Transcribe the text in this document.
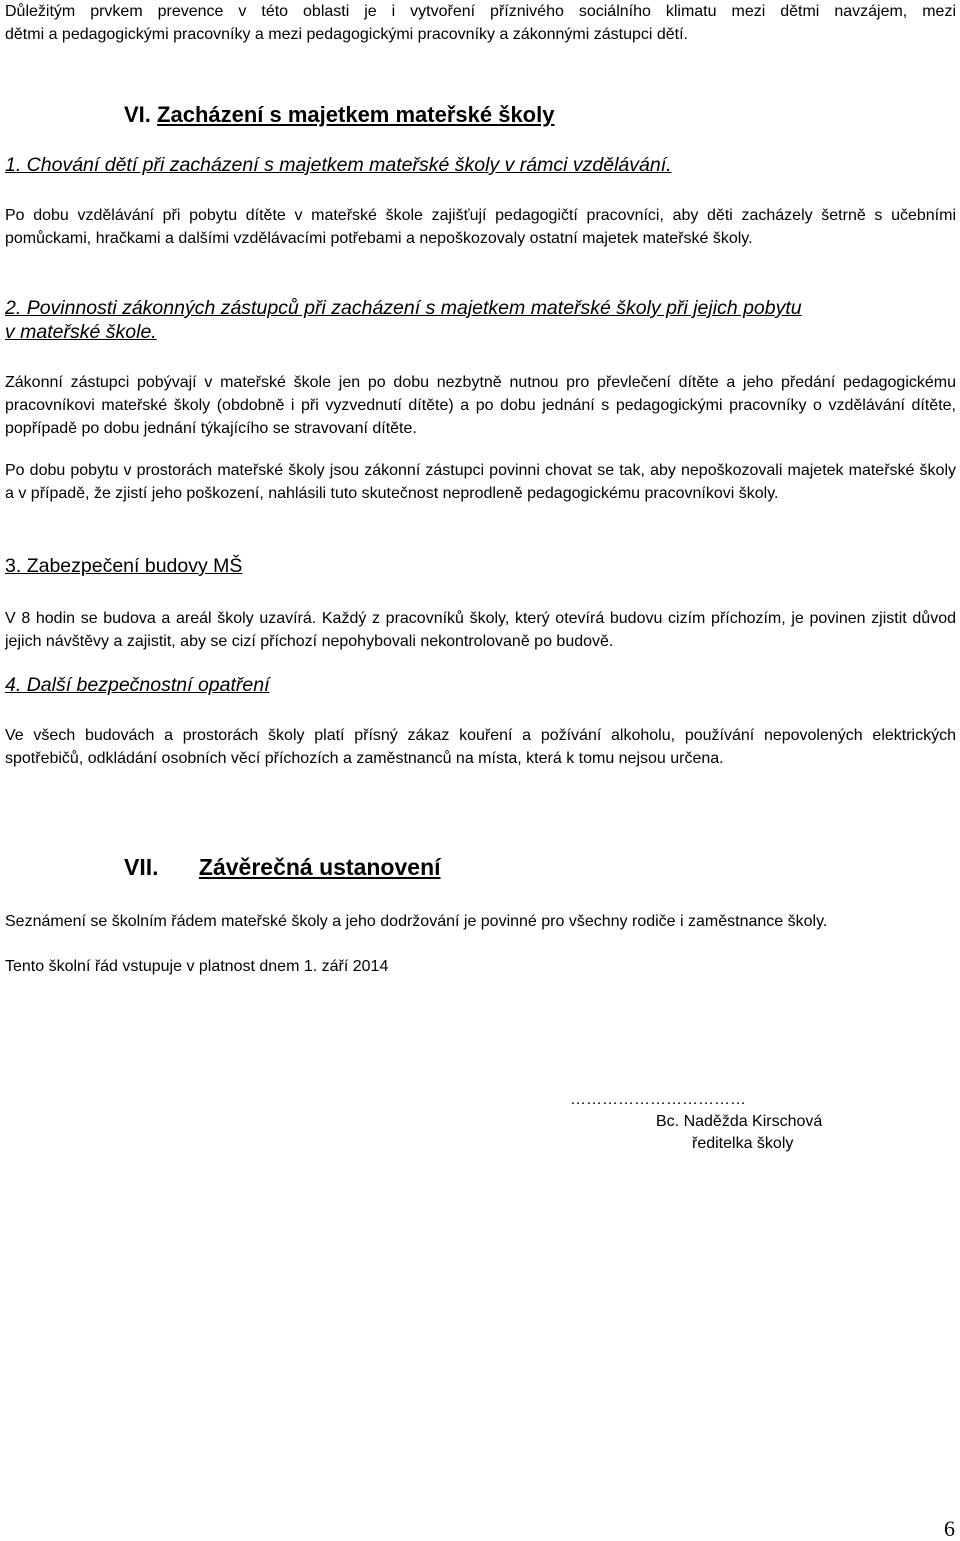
Důležitým prvkem prevence v této oblasti je i vytvoření příznivého sociálního klimatu mezi dětmi navzájem, mezi
dětmi a pedagogickými pracovníky a mezi pedagogickými pracovníky a zákonnými zástupci dětí.

VI. Zacházení s majetkem mateřské školy

1. Chování dětí při zacházení s majetkem mateřské školy v rámci vzdělávání.

Po dobu vzdělávání při pobytu dítěte v mateřské škole zajišťují pedagogičtí pracovníci, aby děti zacházely šetrně s učebními pomůckami, hračkami a dalšími vzdělávacími potřebami a nepoškozovaly ostatní majetek mateřské školy.

2. Povinnosti zákonných zástupců při zacházení s majetkem mateřské školy při jejich pobytu
v mateřské škole.

Zákonní zástupci pobývají v mateřské škole jen po dobu nezbytně nutnou pro převlečení dítěte a jeho předání pedagogickému pracovníkovi mateřské školy (obdobně i při vyzvednutí dítěte) a po dobu jednání s pedagogickými pracovníky o vzdělávání dítěte, popřípadě po dobu jednání týkajícího se stravovaní dítěte.

Po dobu pobytu v prostorách mateřské školy jsou zákonní zástupci povinni chovat se tak, aby nepoškozovali majetek mateřské školy a v případě, že zjistí jeho poškození, nahlásili tuto skutečnost neprodleně pedagogickému pracovníkovi školy.

3. Zabezpečení budovy MŠ

V 8 hodin se budova a areál školy uzavírá. Každý z pracovníků školy, který otevírá budovu cizím příchozím, je povinen zjistit důvod jejich návštěvy a zajistit, aby se cizí příchozí nepohybovali nekontrolovaně po budově.

4. Další bezpečnostní opatření

Ve všech budovách a prostorách školy platí přísný zákaz kouření a požívání alkoholu, používání nepovolených elektrických spotřebičů, odkládání osobních věcí příchozích a zaměstnanců na místa, která k tomu nejsou určena.

VII. Závěrečná ustanovení

Seznámení se školním řádem mateřské školy a jeho dodržování je povinné pro všechny rodiče i zaměstnance školy.

Tento školní řád vstupuje v platnost dnem 1. září 2014

……………………………
Bc. Naděžda Kirschová
ředitelka školy
6
